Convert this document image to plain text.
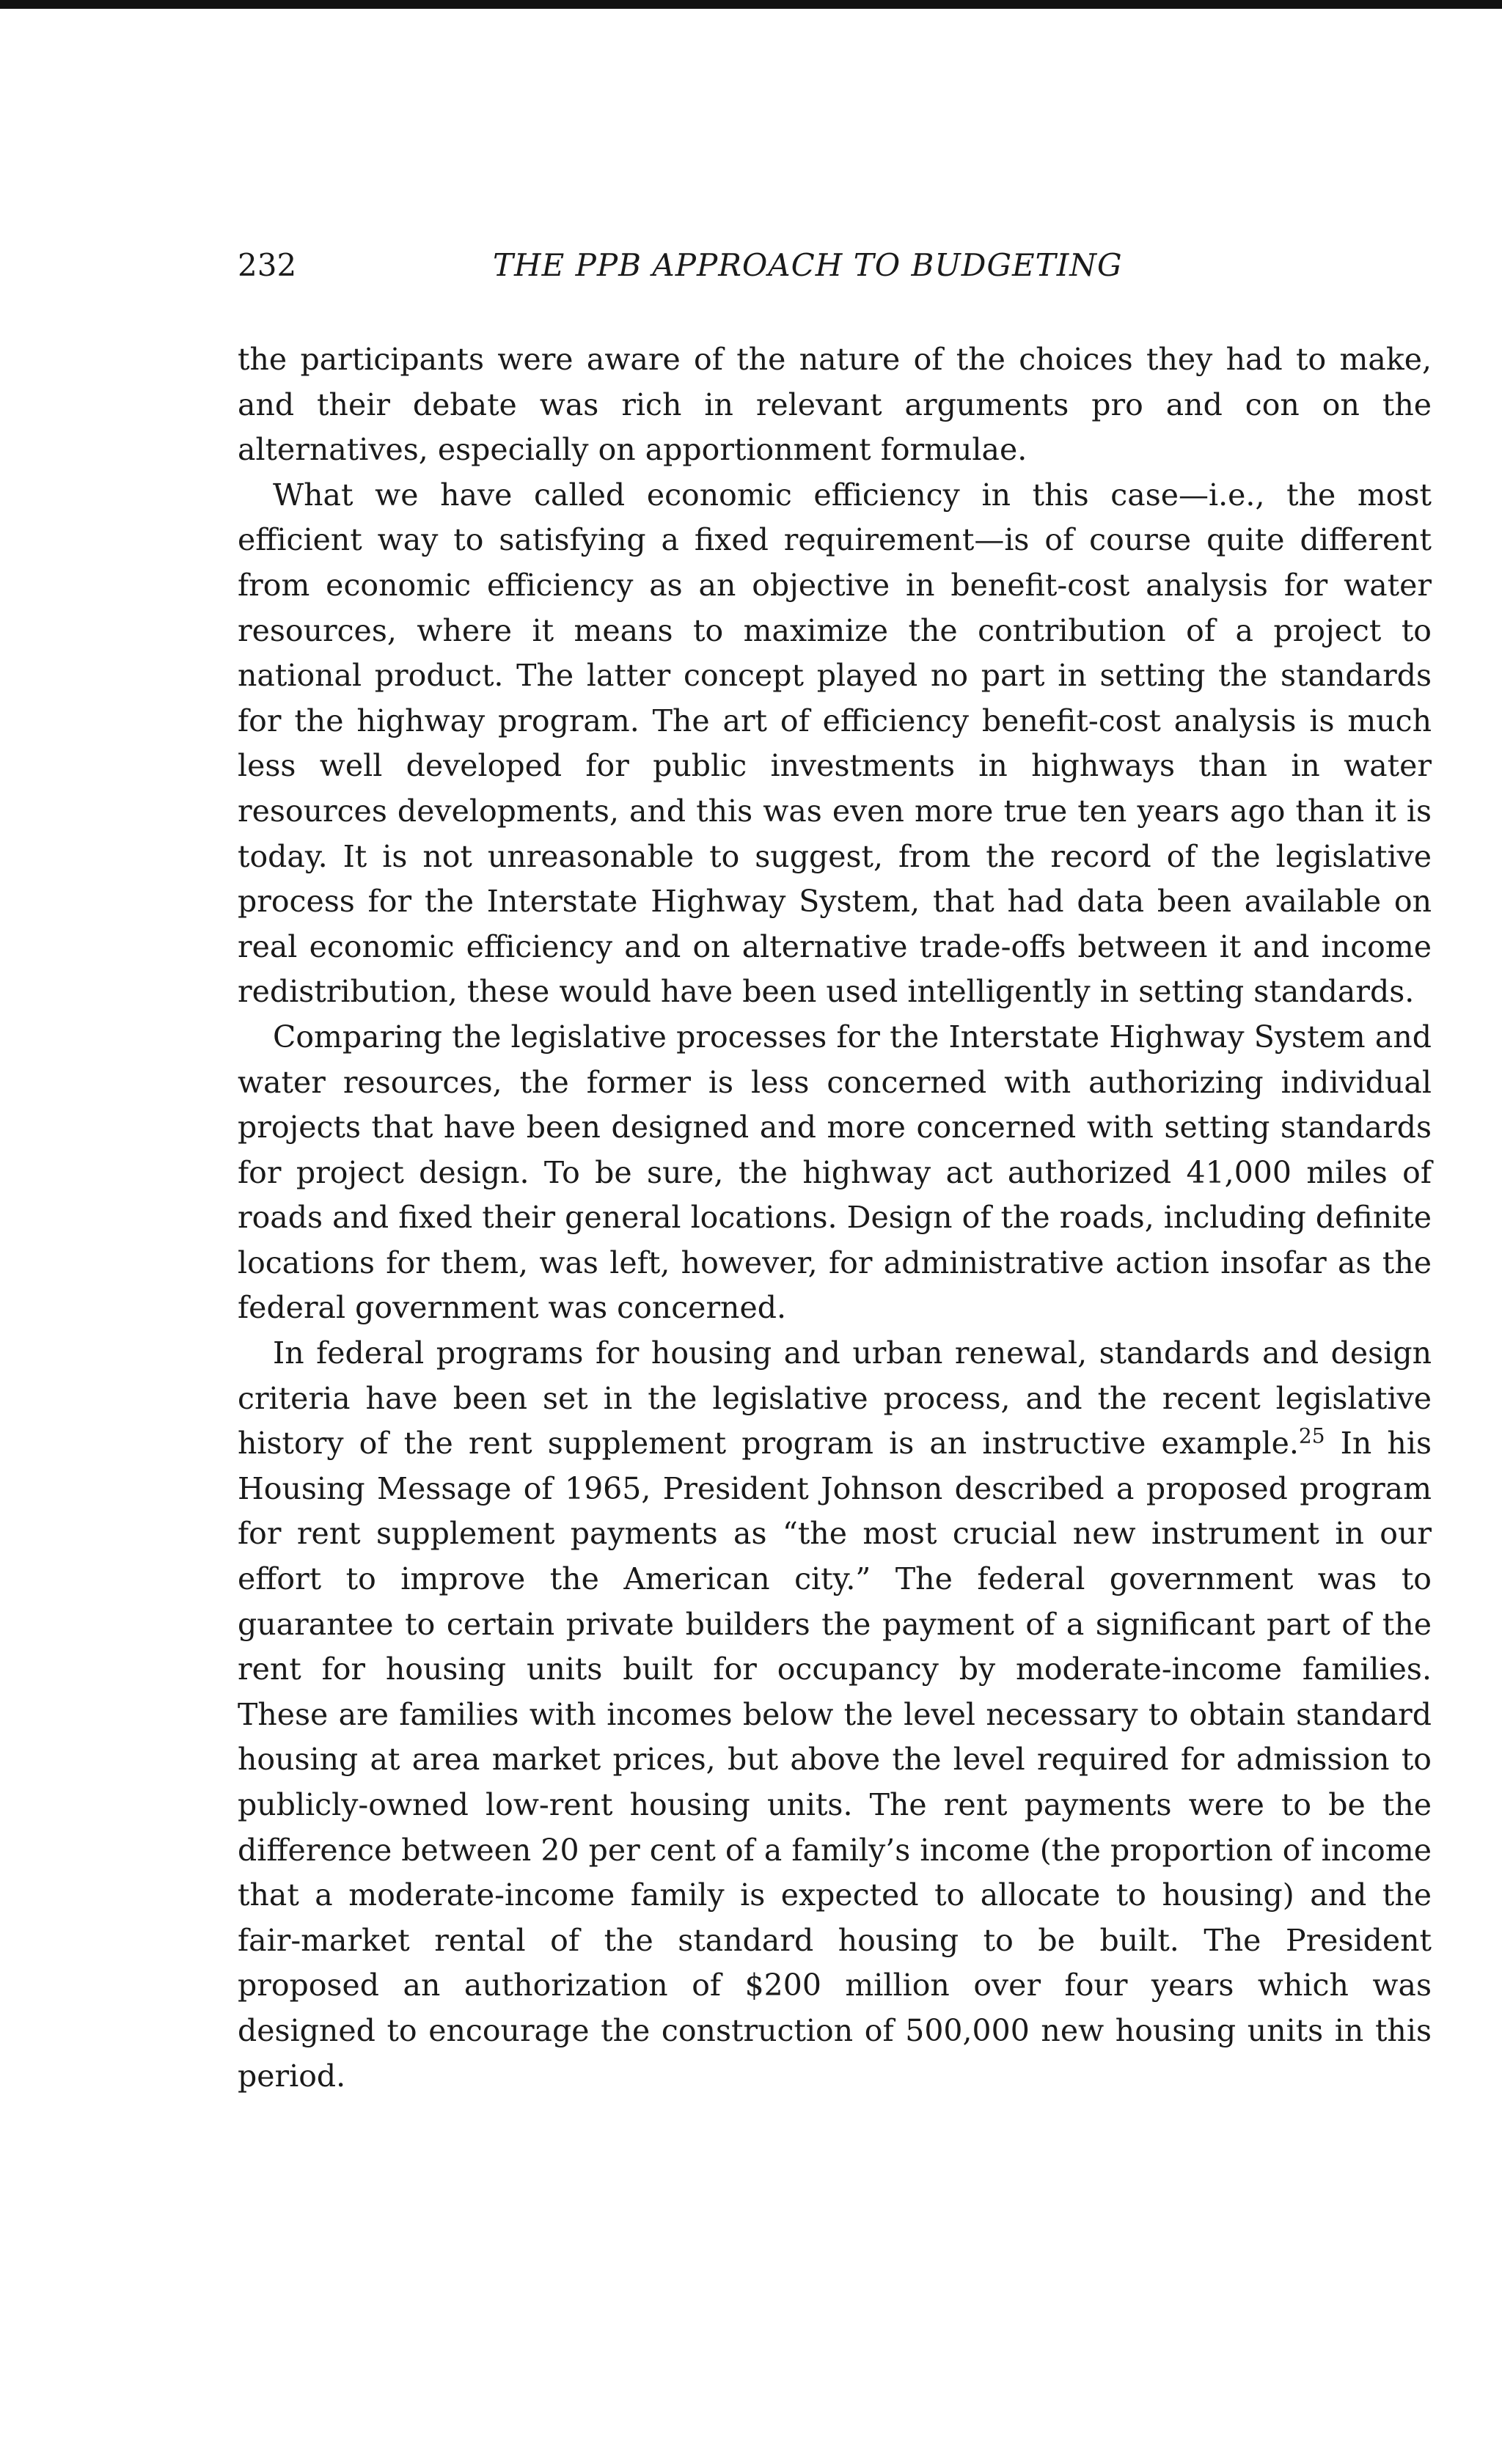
232	THE PPB APPROACH TO BUDGETING

the participants were aware of the nature of the choices they had to make, and their debate was rich in relevant arguments pro and con on the alternatives, especially on apportionment formulae.

What we have called economic efficiency in this case—i.e., the most efficient way to satisfying a fixed requirement—is of course quite different from economic efficiency as an objective in benefit-cost analysis for water resources, where it means to maximize the contribution of a project to national product. The latter concept played no part in setting the standards for the highway program. The art of efficiency benefit-cost analysis is much less well developed for public investments in highways than in water resources developments, and this was even more true ten years ago than it is today. It is not unreasonable to suggest, from the record of the legislative process for the Interstate Highway System, that had data been available on real economic efficiency and on alternative trade-offs between it and income redistribution, these would have been used intelligently in setting standards.

Comparing the legislative processes for the Interstate Highway System and water resources, the former is less concerned with authorizing individual projects that have been designed and more concerned with setting standards for project design. To be sure, the highway act authorized 41,000 miles of roads and fixed their general locations. Design of the roads, including definite locations for them, was left, however, for administrative action insofar as the federal government was concerned.

In federal programs for housing and urban renewal, standards and design criteria have been set in the legislative process, and the recent legislative history of the rent supplement program is an instructive example.$^{25}$ In his Housing Message of 1965, President Johnson described a proposed program for rent supplement payments as “the most crucial new instrument in our effort to improve the American city.” The federal government was to guarantee to certain private builders the payment of a significant part of the rent for housing units built for occupancy by moderate-income families. These are families with incomes below the level necessary to obtain standard housing at area market prices, but above the level required for admission to publicly-owned low-rent housing units. The rent payments were to be the difference between 20 per cent of a family’s income (the proportion of income that a moderate-income family is expected to allocate to housing) and the fair-market rental of the standard housing to be built. The President proposed an authorization of $200 million over four years which was designed to encourage the construction of 500,000 new housing units in this period.
